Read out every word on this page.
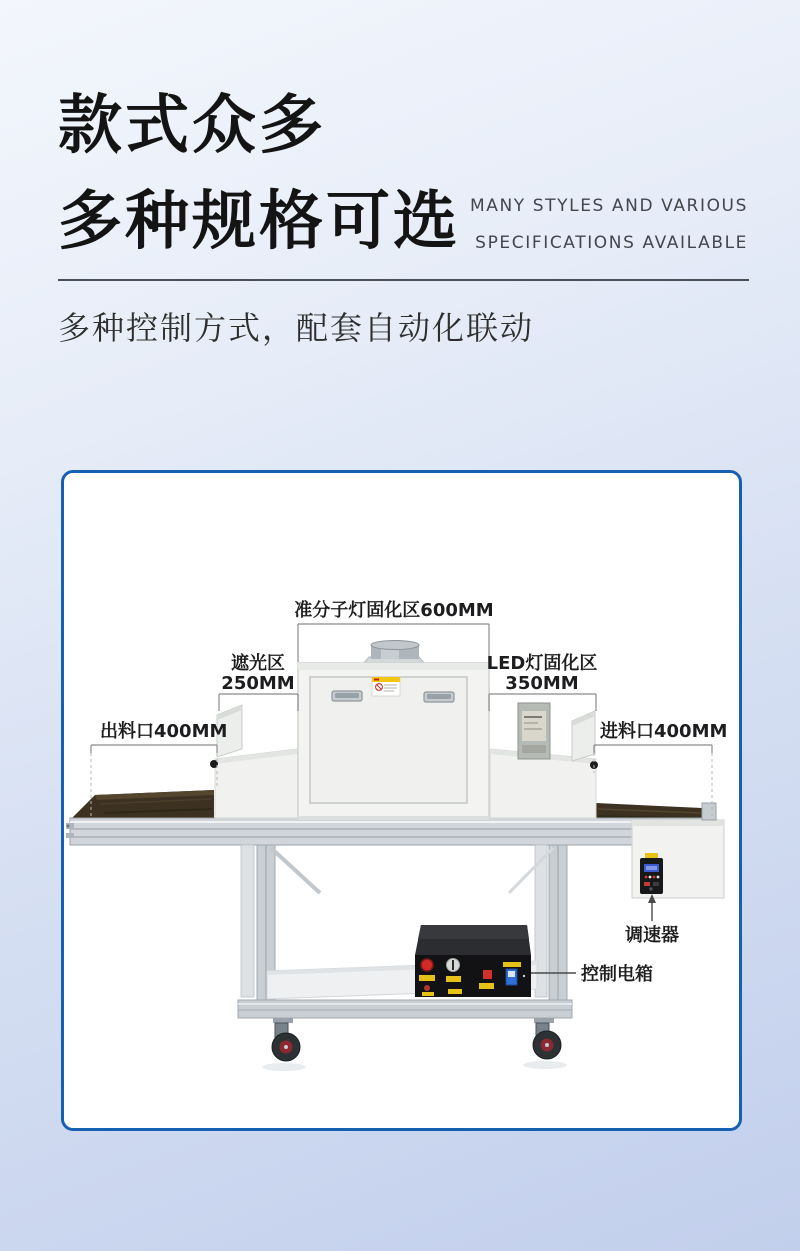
款式众多
多种规格可选 MANY STYLES AND VARIOUS
SPECIFICATIONS AVAILABLE
多种控制方式，配套自动化联动
准分子灯固化区600MM
遮光区
250MM
LED灯固化区
350MM
出料口400MM	进料口400MM
调速器
控制电箱
